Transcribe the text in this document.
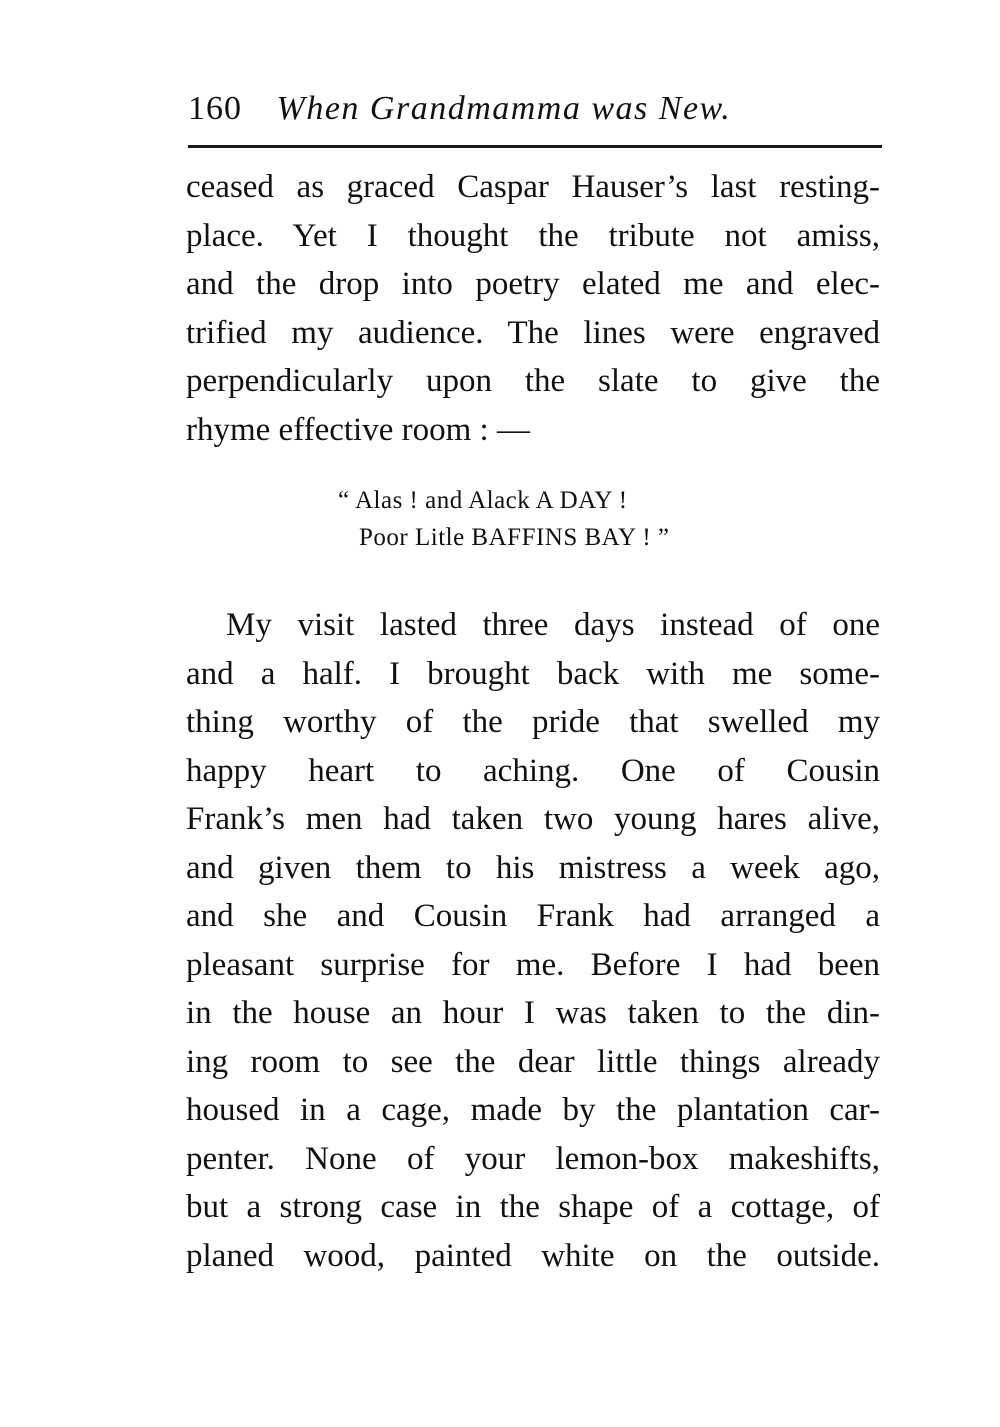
160 When Grandmamma was New.
ceased as graced Caspar Hauser’s last resting-
place. Yet I thought the tribute not amiss,
and the drop into poetry elated me and elec-
trified my audience. The lines were engraved
perpendicularly upon the slate to give the
rhyme effective room : —
“ Alas ! and Alack A DAY !
Poor Litle BAFFINS BAY ! ”
My visit lasted three days instead of one
and a half. I brought back with me some-
thing worthy of the pride that swelled my
happy heart to aching. One of Cousin
Frank’s men had taken two young hares alive,
and given them to his mistress a week ago,
and she and Cousin Frank had arranged a
pleasant surprise for me. Before I had been
in the house an hour I was taken to the din-
ing room to see the dear little things already
housed in a cage, made by the plantation car-
penter. None of your lemon-box makeshifts,
but a strong case in the shape of a cottage, of
planed wood, painted white on the outside.
